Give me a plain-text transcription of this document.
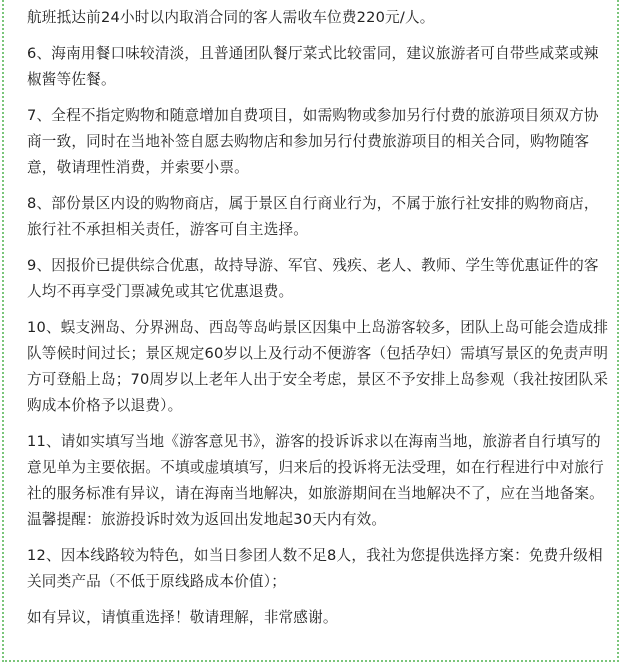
航班抵达前24小时以内取消合同的客人需收车位费220元/人。

6、海南用餐口味较清淡，且普通团队餐厅菜式比较雷同，建议旅游者可自带些咸菜或辣椒酱等佐餐。

7、全程不指定购物和随意增加自费项目，如需购物或参加另行付费的旅游项目须双方协商一致，同时在当地补签自愿去购物店和参加另行付费旅游项目的相关合同，购物随客意，敬请理性消费，并索要小票。

8、部份景区内设的购物商店，属于景区自行商业行为，不属于旅行社安排的购物商店，旅行社不承担相关责任，游客可自主选择。

9、因报价已提供综合优惠，故持导游、军官、残疾、老人、教师、学生等优惠证件的客人均不再享受门票减免或其它优惠退费。

10、蜈支洲岛、分界洲岛、西岛等岛屿景区因集中上岛游客较多，团队上岛可能会造成排队等候时间过长；景区规定60岁以上及行动不便游客（包括孕妇）需填写景区的免责声明方可登船上岛；70周岁以上老年人出于安全考虑，景区不予安排上岛参观（我社按团队采购成本价格予以退费）。

11、请如实填写当地《游客意见书》，游客的投诉诉求以在海南当地，旅游者自行填写的意见单为主要依据。不填或虚填填写，归来后的投诉将无法受理，如在行程进行中对旅行社的服务标准有异议，请在海南当地解决，如旅游期间在当地解决不了，应在当地备案。温馨提醒：旅游投诉时效为返回出发地起30天内有效。

12、因本线路较为特色，如当日参团人数不足8人，我社为您提供选择方案：免费升级相关同类产品（不低于原线路成本价值）；

如有异议，请慎重选择！敬请理解，非常感谢。
